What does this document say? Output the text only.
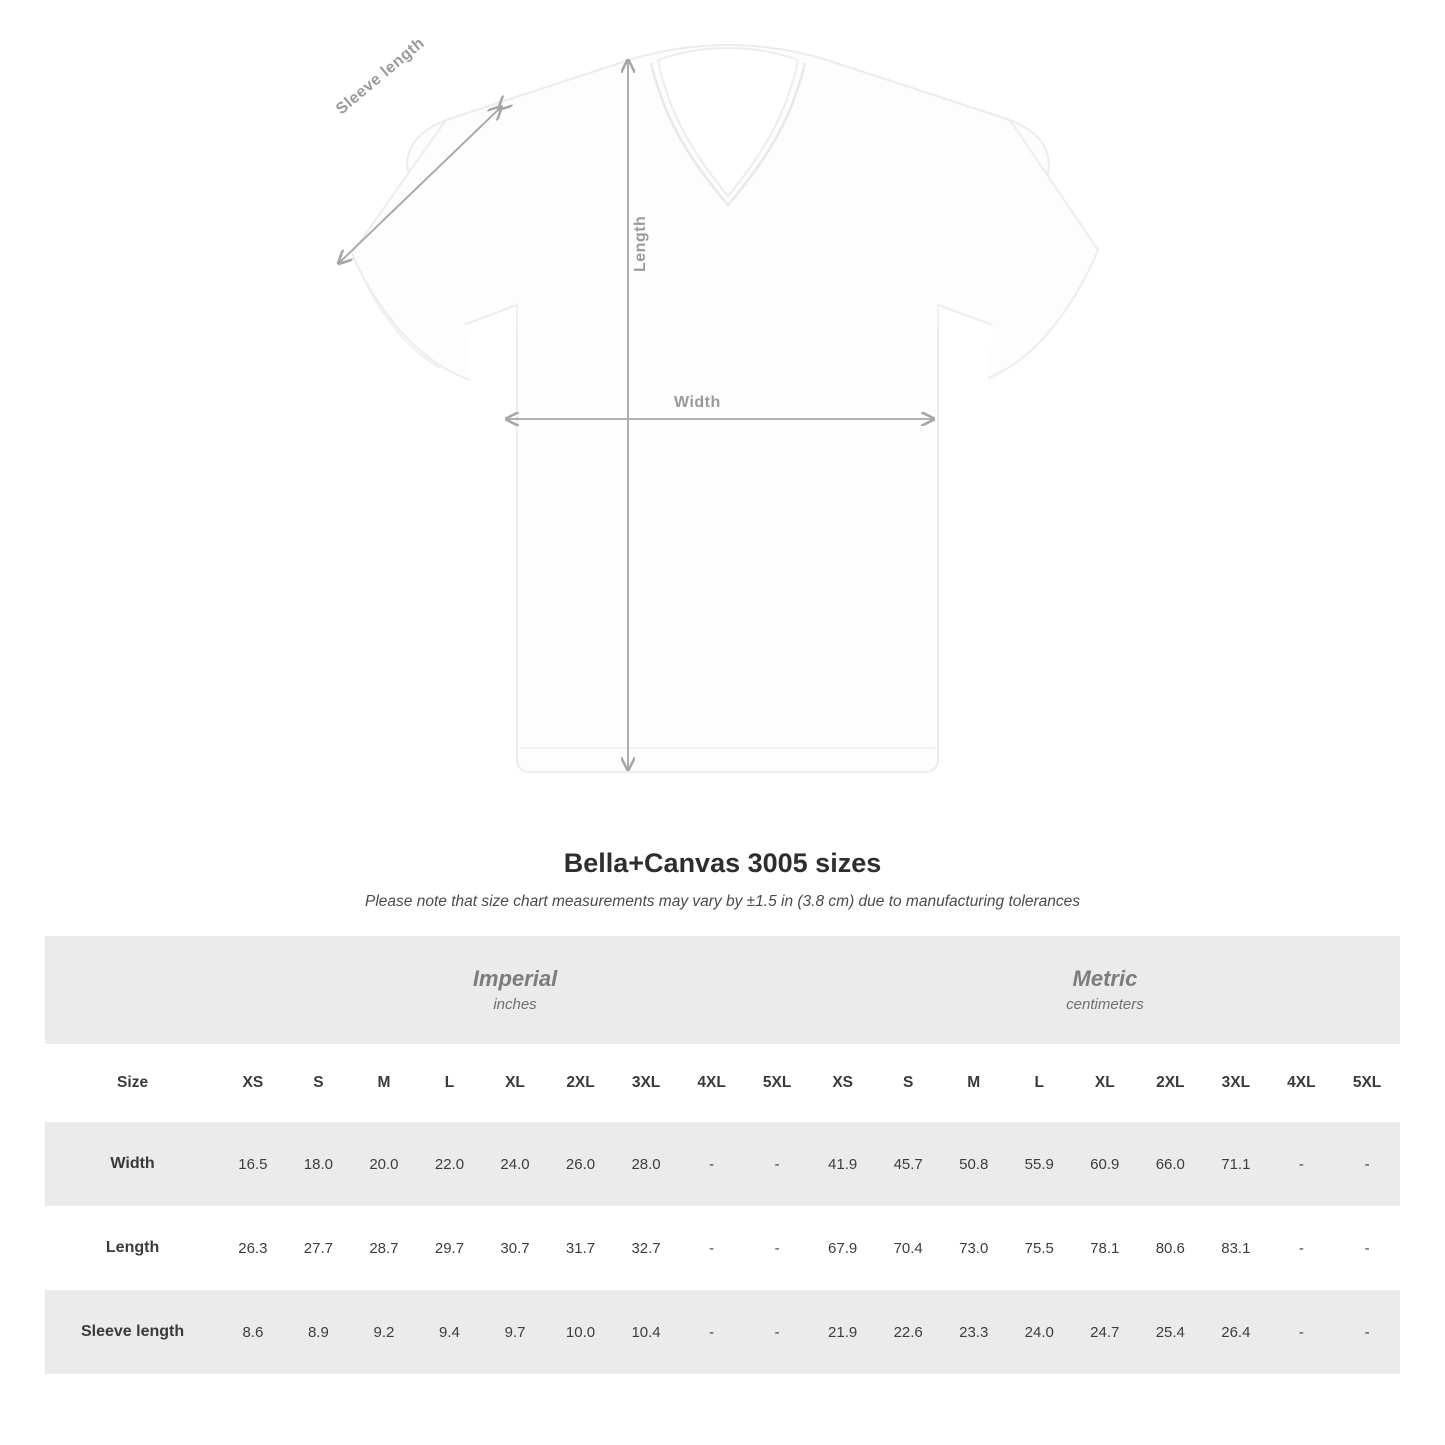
Sleeve length
Length
Width
Bella+Canvas 3005 sizes

Please note that size chart measurements may vary by ±1.5 in (3.8 cm) due to manufacturing tolerances

Imperial
inches

Metric
centimeters

Size	XS	S	M	L	XL	2XL	3XL	4XL	5XL	XS	S	M	L	XL	2XL	3XL	4XL	5XL
Width	16.5	18.0	20.0	22.0	24.0	26.0	28.0	-	-	41.9	45.7	50.8	55.9	60.9	66.0	71.1	-	-
Length	26.3	27.7	28.7	29.7	30.7	31.7	32.7	-	-	67.9	70.4	73.0	75.5	78.1	80.6	83.1	-	-
Sleeve length	8.6	8.9	9.2	9.4	9.7	10.0	10.4	-	-	21.9	22.6	23.3	24.0	24.7	25.4	26.4	-	-
